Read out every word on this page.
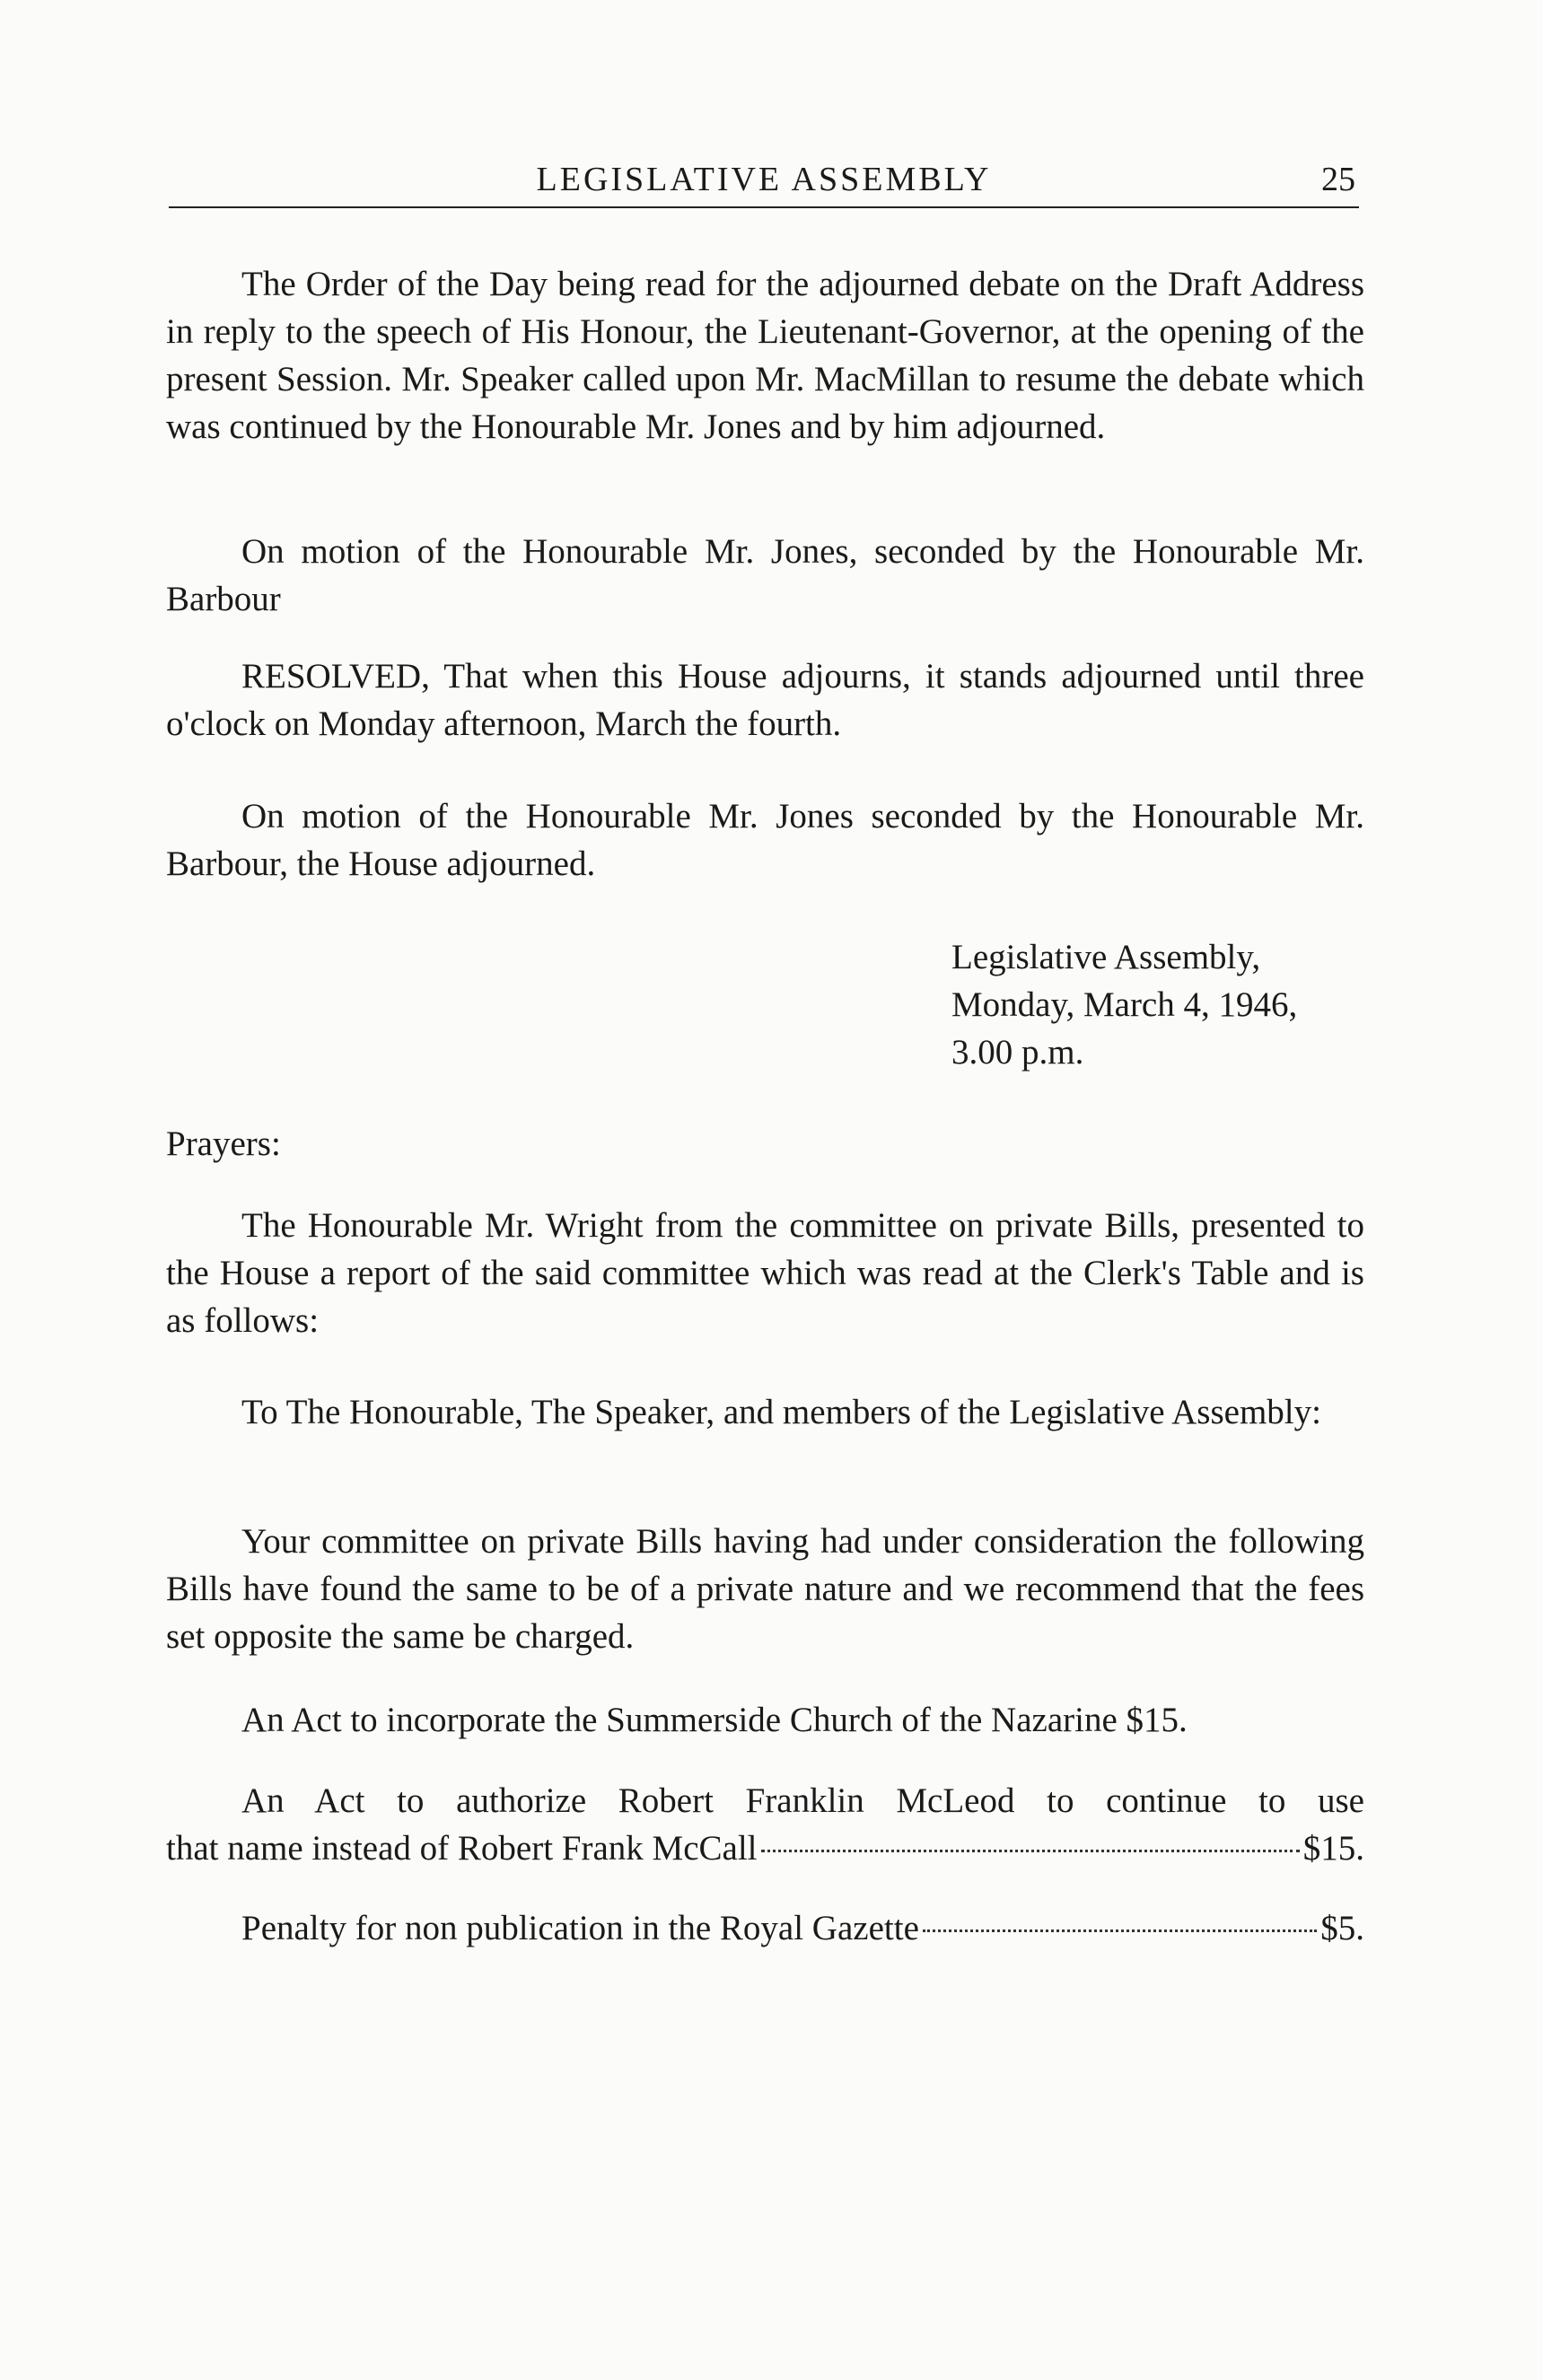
LEGISLATIVE ASSEMBLY	25

The Order of the Day being read for the adjourned debate on the Draft Address in reply to the speech of His Honour, the Lieutenant-Governor, at the opening of the present Session. Mr. Speaker called upon Mr. MacMillan to resume the debate which was continued by the Honourable Mr. Jones and by him adjourned.

On motion of the Honourable Mr. Jones, seconded by the Honourable Mr. Barbour

RESOLVED, That when this House adjourns, it stands adjourned until three o'clock on Monday afternoon, March the fourth.

On motion of the Honourable Mr. Jones seconded by the Honourable Mr. Barbour, the House adjourned.

Legislative Assembly,
Monday, March 4, 1946,
3.00 p.m.
Prayers:

The Honourable Mr. Wright from the committee on private Bills, presented to the House a report of the said committee which was read at the Clerk's Table and is as follows:

To The Honourable, The Speaker, and members of the Legislative Assembly:

Your committee on private Bills having had under consideration the following Bills have found the same to be of a private nature and we recommend that the fees set opposite the same be charged.

An Act to incorporate the Summerside Church of the Nazarine $15.

An Act to authorize Robert Franklin McLeod to continue to use
that name instead of Robert Frank McCall	$15.
Penalty for non publication in the Royal Gazette	$5.
